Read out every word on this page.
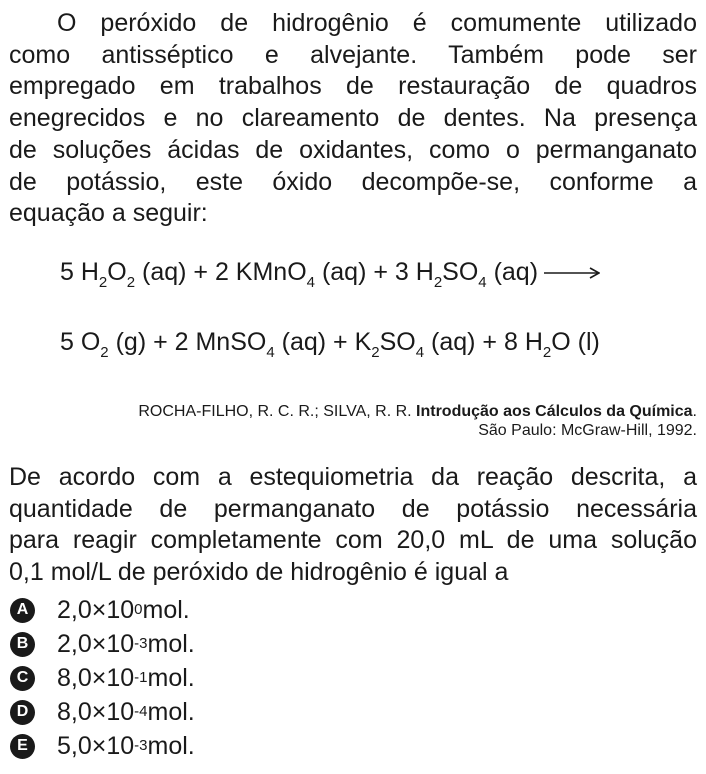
O peróxido de hidrogênio é comumente utilizado
como antisséptico e alvejante. Também pode ser
empregado em trabalhos de restauração de quadros
enegrecidos e no clareamento de dentes. Na presença
de soluções ácidas de oxidantes, como o permanganato
de potássio, este óxido decompõe-se, conforme a
equação a seguir:
5 $H_2O_2$ (aq) + 2 KMnO$_4$ (aq) + 3 $H_2SO_4$ (aq) →
5 $O_2$ (g) + 2 MnSO$_4$ $(aq) + K_2SO_4$ (aq) + 8 $H_2O$ (l)
ROCHA-FILHO, R. C. R.; SILVA, R. R. Introdução aos Cálculos da Química.
São Paulo: McGraw-Hill, 1992.
De acordo com a estequiometria da reação descrita, a
quantidade de permanganato de potássio necessária
para reagir completamente com 20,0 mL de uma solução
0,1 mol/L de peróxido de hidrogênio é igual a
A 2,0×10 0 mol.
B 2,0×10 -3 mol.
C 8,0×10 -1 mol.
D 8,0×10 -4 mol.
E 5,0×10 -3 mol.
